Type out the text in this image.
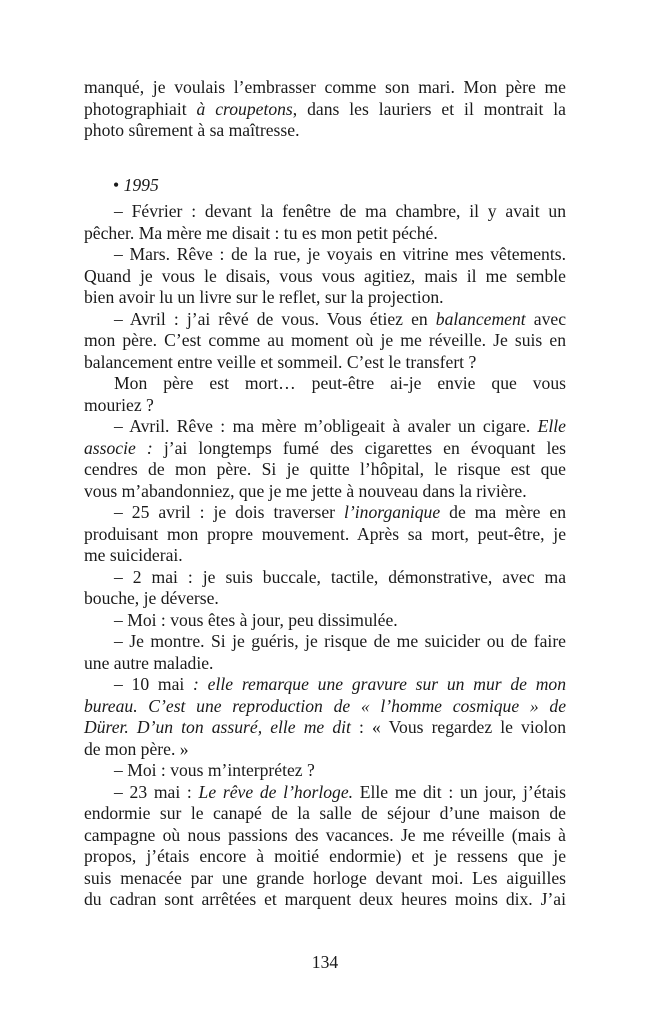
manqué, je voulais l’embrasser comme son mari. Mon père me
photographiait à croupetons, dans les lauriers et il montrait la
photo sûrement à sa maîtresse.
• 1995
– Février : devant la fenêtre de ma chambre, il y avait un
pêcher. Ma mère me disait : tu es mon petit péché.
– Mars. Rêve : de la rue, je voyais en vitrine mes vêtements.
Quand je vous le disais, vous vous agitiez, mais il me semble
bien avoir lu un livre sur le reflet, sur la projection.
– Avril : j’ai rêvé de vous. Vous étiez en balancement avec
mon père. C’est comme au moment où je me réveille. Je suis en
balancement entre veille et sommeil. C’est le transfert ?
Mon père est mort… peut-être ai-je envie que vous
mouriez ?
– Avril. Rêve : ma mère m’obligeait à avaler un cigare. Elle
associe : j’ai longtemps fumé des cigarettes en évoquant les
cendres de mon père. Si je quitte l’hôpital, le risque est que
vous m’abandonniez, que je me jette à nouveau dans la rivière.
– 25 avril : je dois traverser l’inorganique de ma mère en
produisant mon propre mouvement. Après sa mort, peut-être, je
me suiciderai.
– 2 mai : je suis buccale, tactile, démonstrative, avec ma
bouche, je déverse.
– Moi : vous êtes à jour, peu dissimulée.
– Je montre. Si je guéris, je risque de me suicider ou de faire
une autre maladie.
– 10 mai : elle remarque une gravure sur un mur de mon
bureau. C’est une reproduction de « l’homme cosmique » de
Dürer. D’un ton assuré, elle me dit : « Vous regardez le violon
de mon père. »
– Moi : vous m’interprétez ?
– 23 mai : Le rêve de l’horloge. Elle me dit : un jour, j’étais
endormie sur le canapé de la salle de séjour d’une maison de
campagne où nous passions des vacances. Je me réveille (mais à
propos, j’étais encore à moitié endormie) et je ressens que je
suis menacée par une grande horloge devant moi. Les aiguilles
du cadran sont arrêtées et marquent deux heures moins dix. J’ai
134
